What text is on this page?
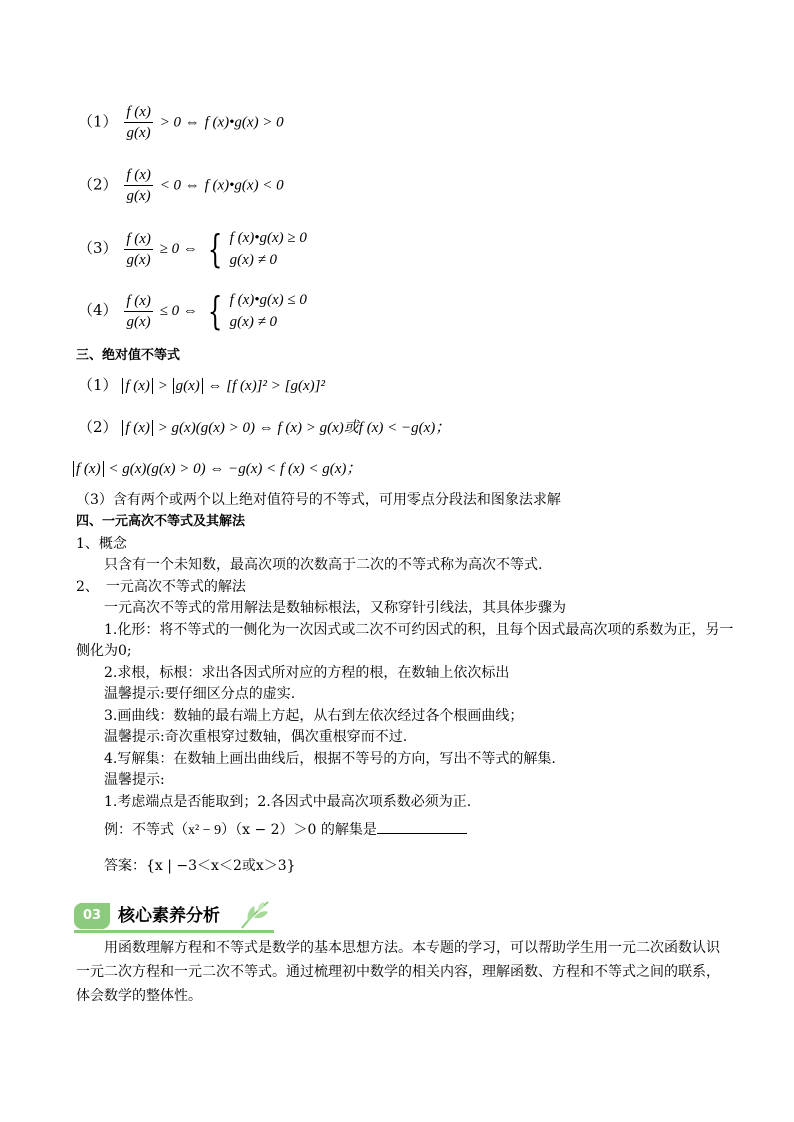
$(1) \frac{f (x)}{g(x)} > 0$ ⇔ f (x)•g(x) > 0
$(2) \frac{f (x)}{g(x)} < 0$ ⇔ f (x)•g(x) < 0
$(3) \frac{f (x)}{g(x)} \ge 0$ ⇔ { f (x)•g(x) ≥ 0
g(x) ≠ 0
$(4) \frac{f (x)}{g(x)} \le 0$ ⇔ { f (x)•g(x) ≤ 0
g(x) ≠ 0
三、绝对值不等式
（1） f (x) > g(x) ⇔ [f (x)]² > [g(x)]²
（2） f (x) > g(x)(g(x) > 0) ⇔ f (x) > g(x)或f (x) < −g(x)；
f (x) < g(x)(g(x) > 0) ⇔ −g(x) < f (x) < g(x)；
（3）含有两个或两个以上绝对值符号的不等式，可用零点分段法和图象法求解
四、一元高次不等式及其解法
1、概念
只含有一个未知数，最高次项的次数高于二次的不等式称为高次不等式.
2、　一元高次不等式的解法
一元高次不等式的常用解法是数轴标根法，又称穿针引线法，其具体步骤为
1.化形：将不等式的一侧化为一次因式或二次不可约因式的积，且每个因式最高次项的系数为正，另一
侧化为0;
2.求根，标根：求出各因式所对应的方程的根，在数轴上依次标出
温馨提示:要仔细区分点的虚实.
3.画曲线：数轴的最右端上方起，从右到左依次经过各个根画曲线；
温馨提示:奇次重根穿过数轴，偶次重根穿而不过.
4.写解集：在数轴上画出曲线后，根据不等号的方向，写出不等式的解集.
温馨提示:
1.考虑端点是否能取到；2.各因式中最高次项系数必须为正.
例：不等式（x² − 9）（x − 2）＞0 的解集是
答案：{x | −3＜x＜2或x＞3}
03 核心素养分析
用函数理解方程和不等式是数学的基本思想方法。本专题的学习，可以帮助学生用一元二次函数认识
一元二次方程和一元二次不等式。通过梳理初中数学的相关内容，理解函数、方程和不等式之间的联系，
体会数学的整体性。
